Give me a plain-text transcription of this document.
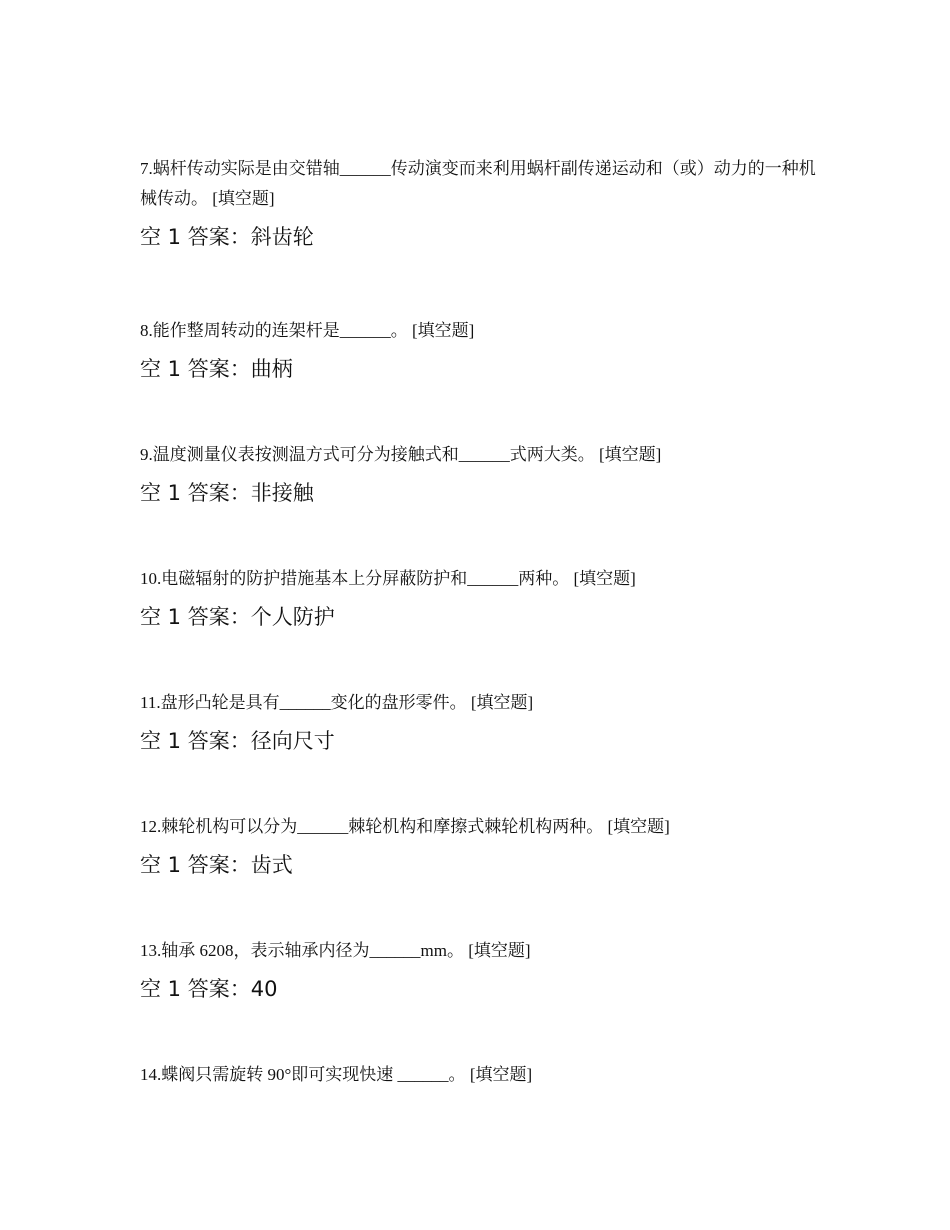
7.蜗杆传动实际是由交错轴______传动演变而来利用蜗杆副传递运动和（或）动力的一种机械传动。 [填空题]

空 1 答案：斜齿轮

8.能作整周转动的连架杆是______。 [填空题]

空 1 答案：曲柄

9.温度测量仪表按测温方式可分为接触式和______式两大类。 [填空题]

空 1 答案：非接触

10.电磁辐射的防护措施基本上分屏蔽防护和______两种。 [填空题]

空 1 答案：个人防护

11.盘形凸轮是具有______变化的盘形零件。 [填空题]

空 1 答案：径向尺寸

12.棘轮机构可以分为______棘轮机构和摩擦式棘轮机构两种。 [填空题]

空 1 答案：齿式

13.轴承 6208，表示轴承内径为______mm。 [填空题]

空 1 答案：40

14.蝶阀只需旋转 90°即可实现快速 ______。 [填空题]
